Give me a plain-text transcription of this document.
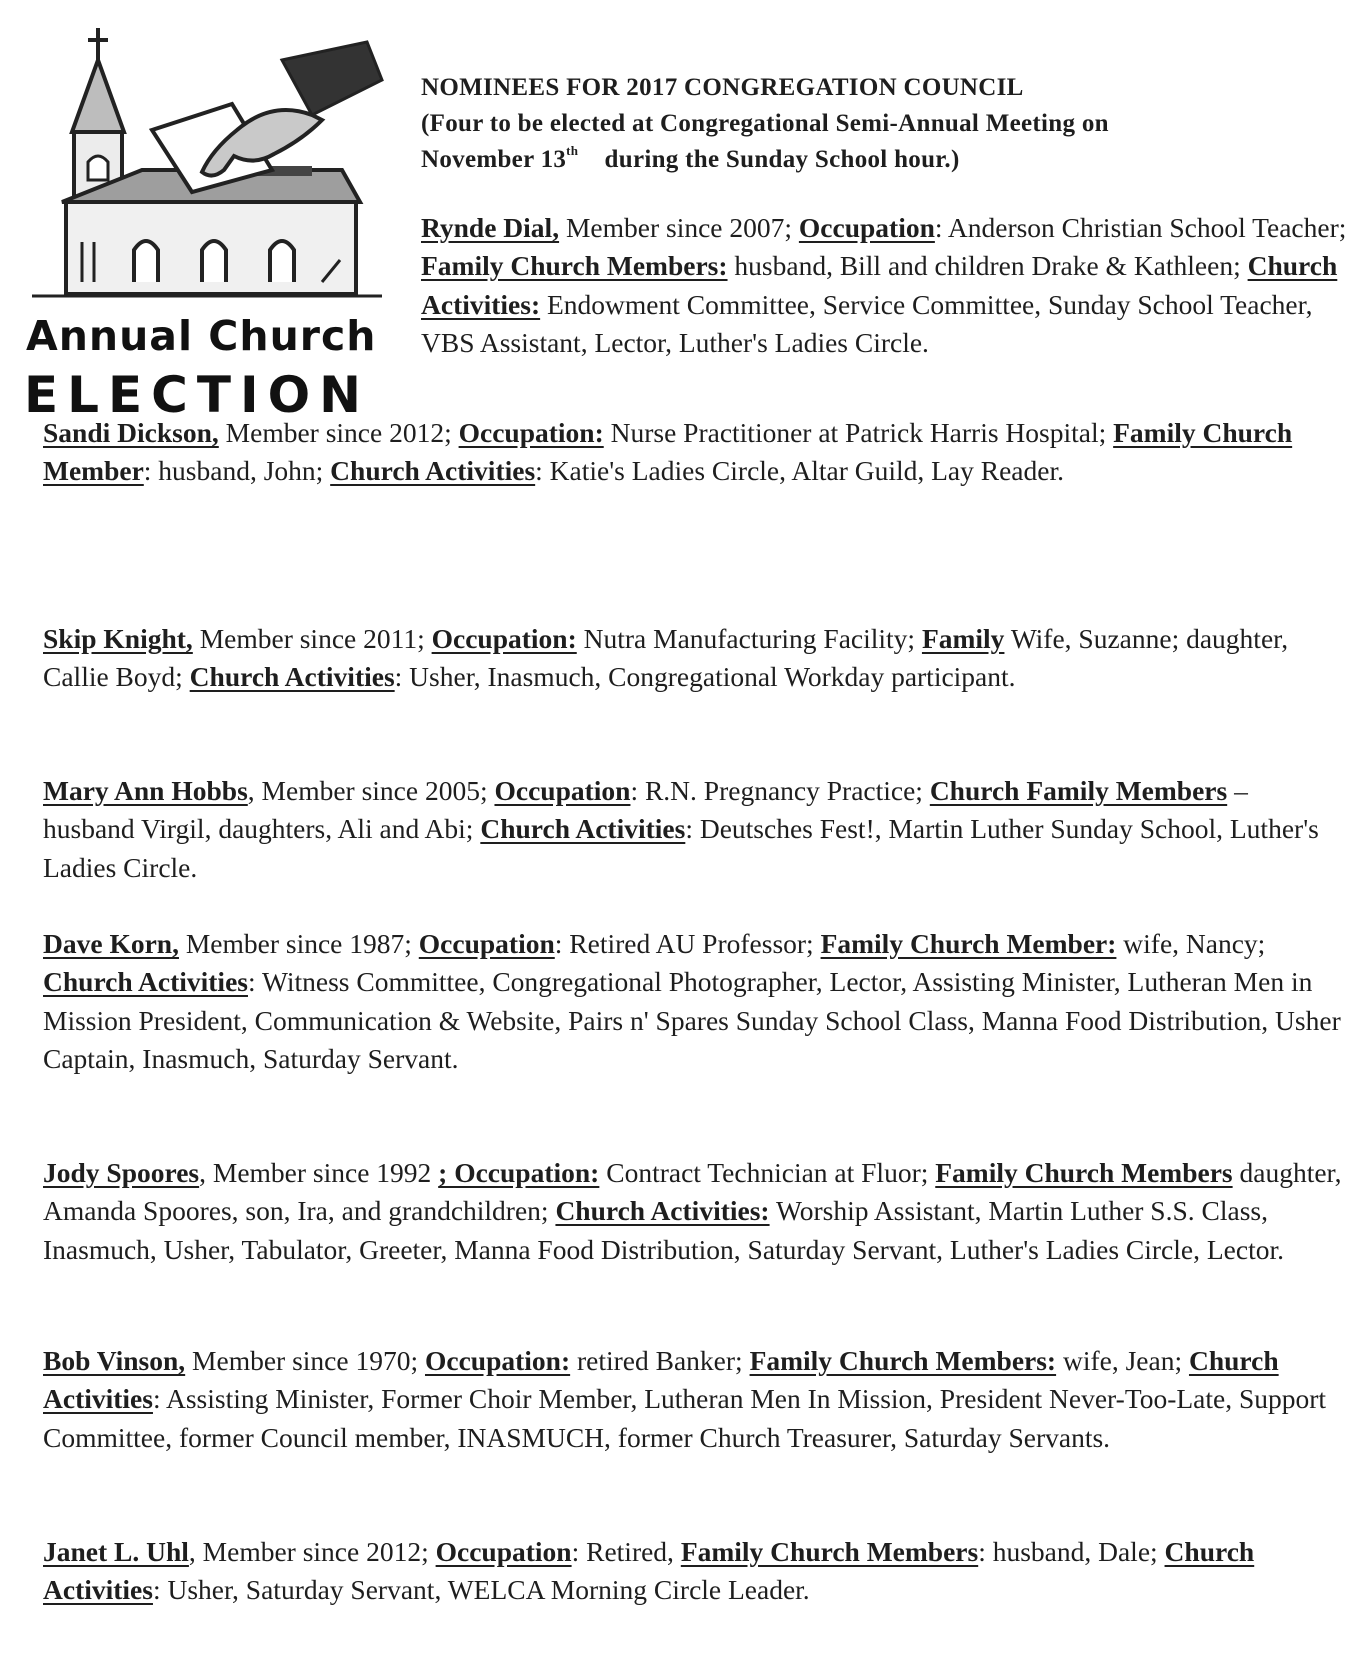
Annual Church
ELECTION
NOMINEES FOR 2017 CONGREGATION COUNCIL
(Four to be elected at Congregational Semi-Annual Meeting on
November 13th during the Sunday School hour.)
Rynde Dial, Member since 2007; Occupation: Anderson Christian School Teacher; Family Church Members: husband, Bill and children Drake & Kathleen; Church Activities: Endowment Committee, Service Committee, Sunday School Teacher, VBS Assistant, Lector, Luther's Ladies Circle.
Sandi Dickson, Member since 2012; Occupation: Nurse Practitioner at Patrick Harris Hospital; Family Church Member: husband, John; Church Activities: Katie's Ladies Circle, Altar Guild, Lay Reader.
Skip Knight, Member since 2011; Occupation: Nutra Manufacturing Facility; Family Wife, Suzanne; daughter, Callie Boyd; Church Activities: Usher, Inasmuch, Congregational Workday participant.
Mary Ann Hobbs, Member since 2005; Occupation: R.N. Pregnancy Practice; Church Family Members – husband Virgil, daughters, Ali and Abi; Church Activities: Deutsches Fest!, Martin Luther Sunday School, Luther's Ladies Circle.
Dave Korn, Member since 1987; Occupation: Retired AU Professor; Family Church Member: wife, Nancy; Church Activities: Witness Committee, Congregational Photographer, Lector, Assisting Minister, Lutheran Men in Mission President, Communication & Website, Pairs n' Spares Sunday School Class, Manna Food Distribution, Usher Captain, Inasmuch, Saturday Servant.
Jody Spoores, Member since 1992 ; Occupation: Contract Technician at Fluor; Family Church Members daughter, Amanda Spoores, son, Ira, and grandchildren; Church Activities: Worship Assistant, Martin Luther S.S. Class, Inasmuch, Usher, Tabulator, Greeter, Manna Food Distribution, Saturday Servant, Luther's Ladies Circle, Lector.
Bob Vinson, Member since 1970; Occupation: retired Banker; Family Church Members: wife, Jean; Church Activities: Assisting Minister, Former Choir Member, Lutheran Men In Mission, President Never-Too-Late, Support Committee, former Council member, INASMUCH, former Church Treasurer, Saturday Servants.
Janet L. Uhl, Member since 2012; Occupation: Retired, Family Church Members: husband, Dale; Church Activities: Usher, Saturday Servant, WELCA Morning Circle Leader.
